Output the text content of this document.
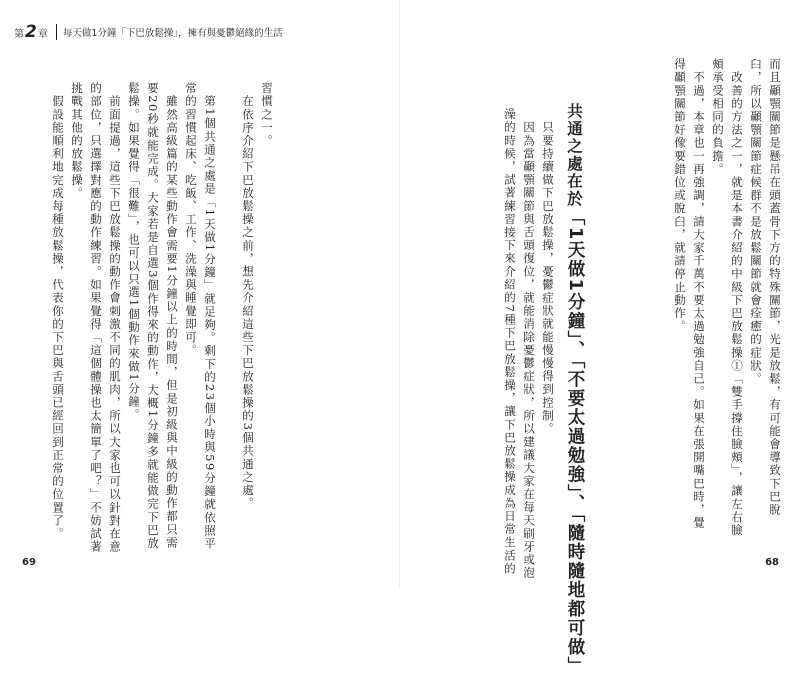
而且顳顎關節是懸吊在頭蓋骨下方的特殊關節，光是放鬆，有可能會導致下巴脫

臼，所以顳顎關節症候群不是放鬆關節就會痊癒的症狀。

　改善的方法之一，就是本書介紹的中級下巴放鬆操①「雙手撐住臉頰」，讓左右臉

頰承受相同的負擔。

　不過，本章也一再強調，請大家千萬不要太過勉強自己。如果在張開嘴巴時，覺

得顳顎關節好像要錯位或脫臼，就請停止動作。

共通之處在於
「1天做1分鐘」、「不要太過勉強」、「隨時隨地都可做」

　只要持續做下巴放鬆操，憂鬱症狀就能慢慢得到控制。

　因為當顳顎關節與舌頭復位，就能消除憂鬱症狀，所以建議大家在每天刷牙或泡

澡的時候，試著練習接下來介紹的7種下巴放鬆操，讓下巴放鬆操成為日常生活的	68
第 2 章 每天做1分鐘「下巴放鬆操」，擁有與憂鬱絕緣的生活

習慣之一。

　在依序介紹下巴放鬆操之前，想先介紹這些下巴放鬆操的3個共通之處。

　第1個共通之處是「1天做1分鐘」就足夠。剩下的23個小時與59分鐘就依照平

常的習慣起床、吃飯、工作、洗澡與睡覺即可。

　雖然高級篇的某些動作會需要1分鐘以上的時間，但是初級與中級的動作都只需

要20秒就能完成。大家若是自選3個作得來的動作，大概1分鐘多就能做完下巴放

鬆操。如果覺得「很難」，也可以只選1個動作來做1分鐘。

　前面提過，這些下巴放鬆操的動作會刺激不同的肌肉，所以大家也可以針對在意

的部位，只選擇對應的動作練習。如果覺得「這個體操也太簡單了吧？」不妨試著

挑戰其他的放鬆操。

　假設能順利地完成每種放鬆操，代表你的下巴與舌頭已經回到正常的位置了。

69
